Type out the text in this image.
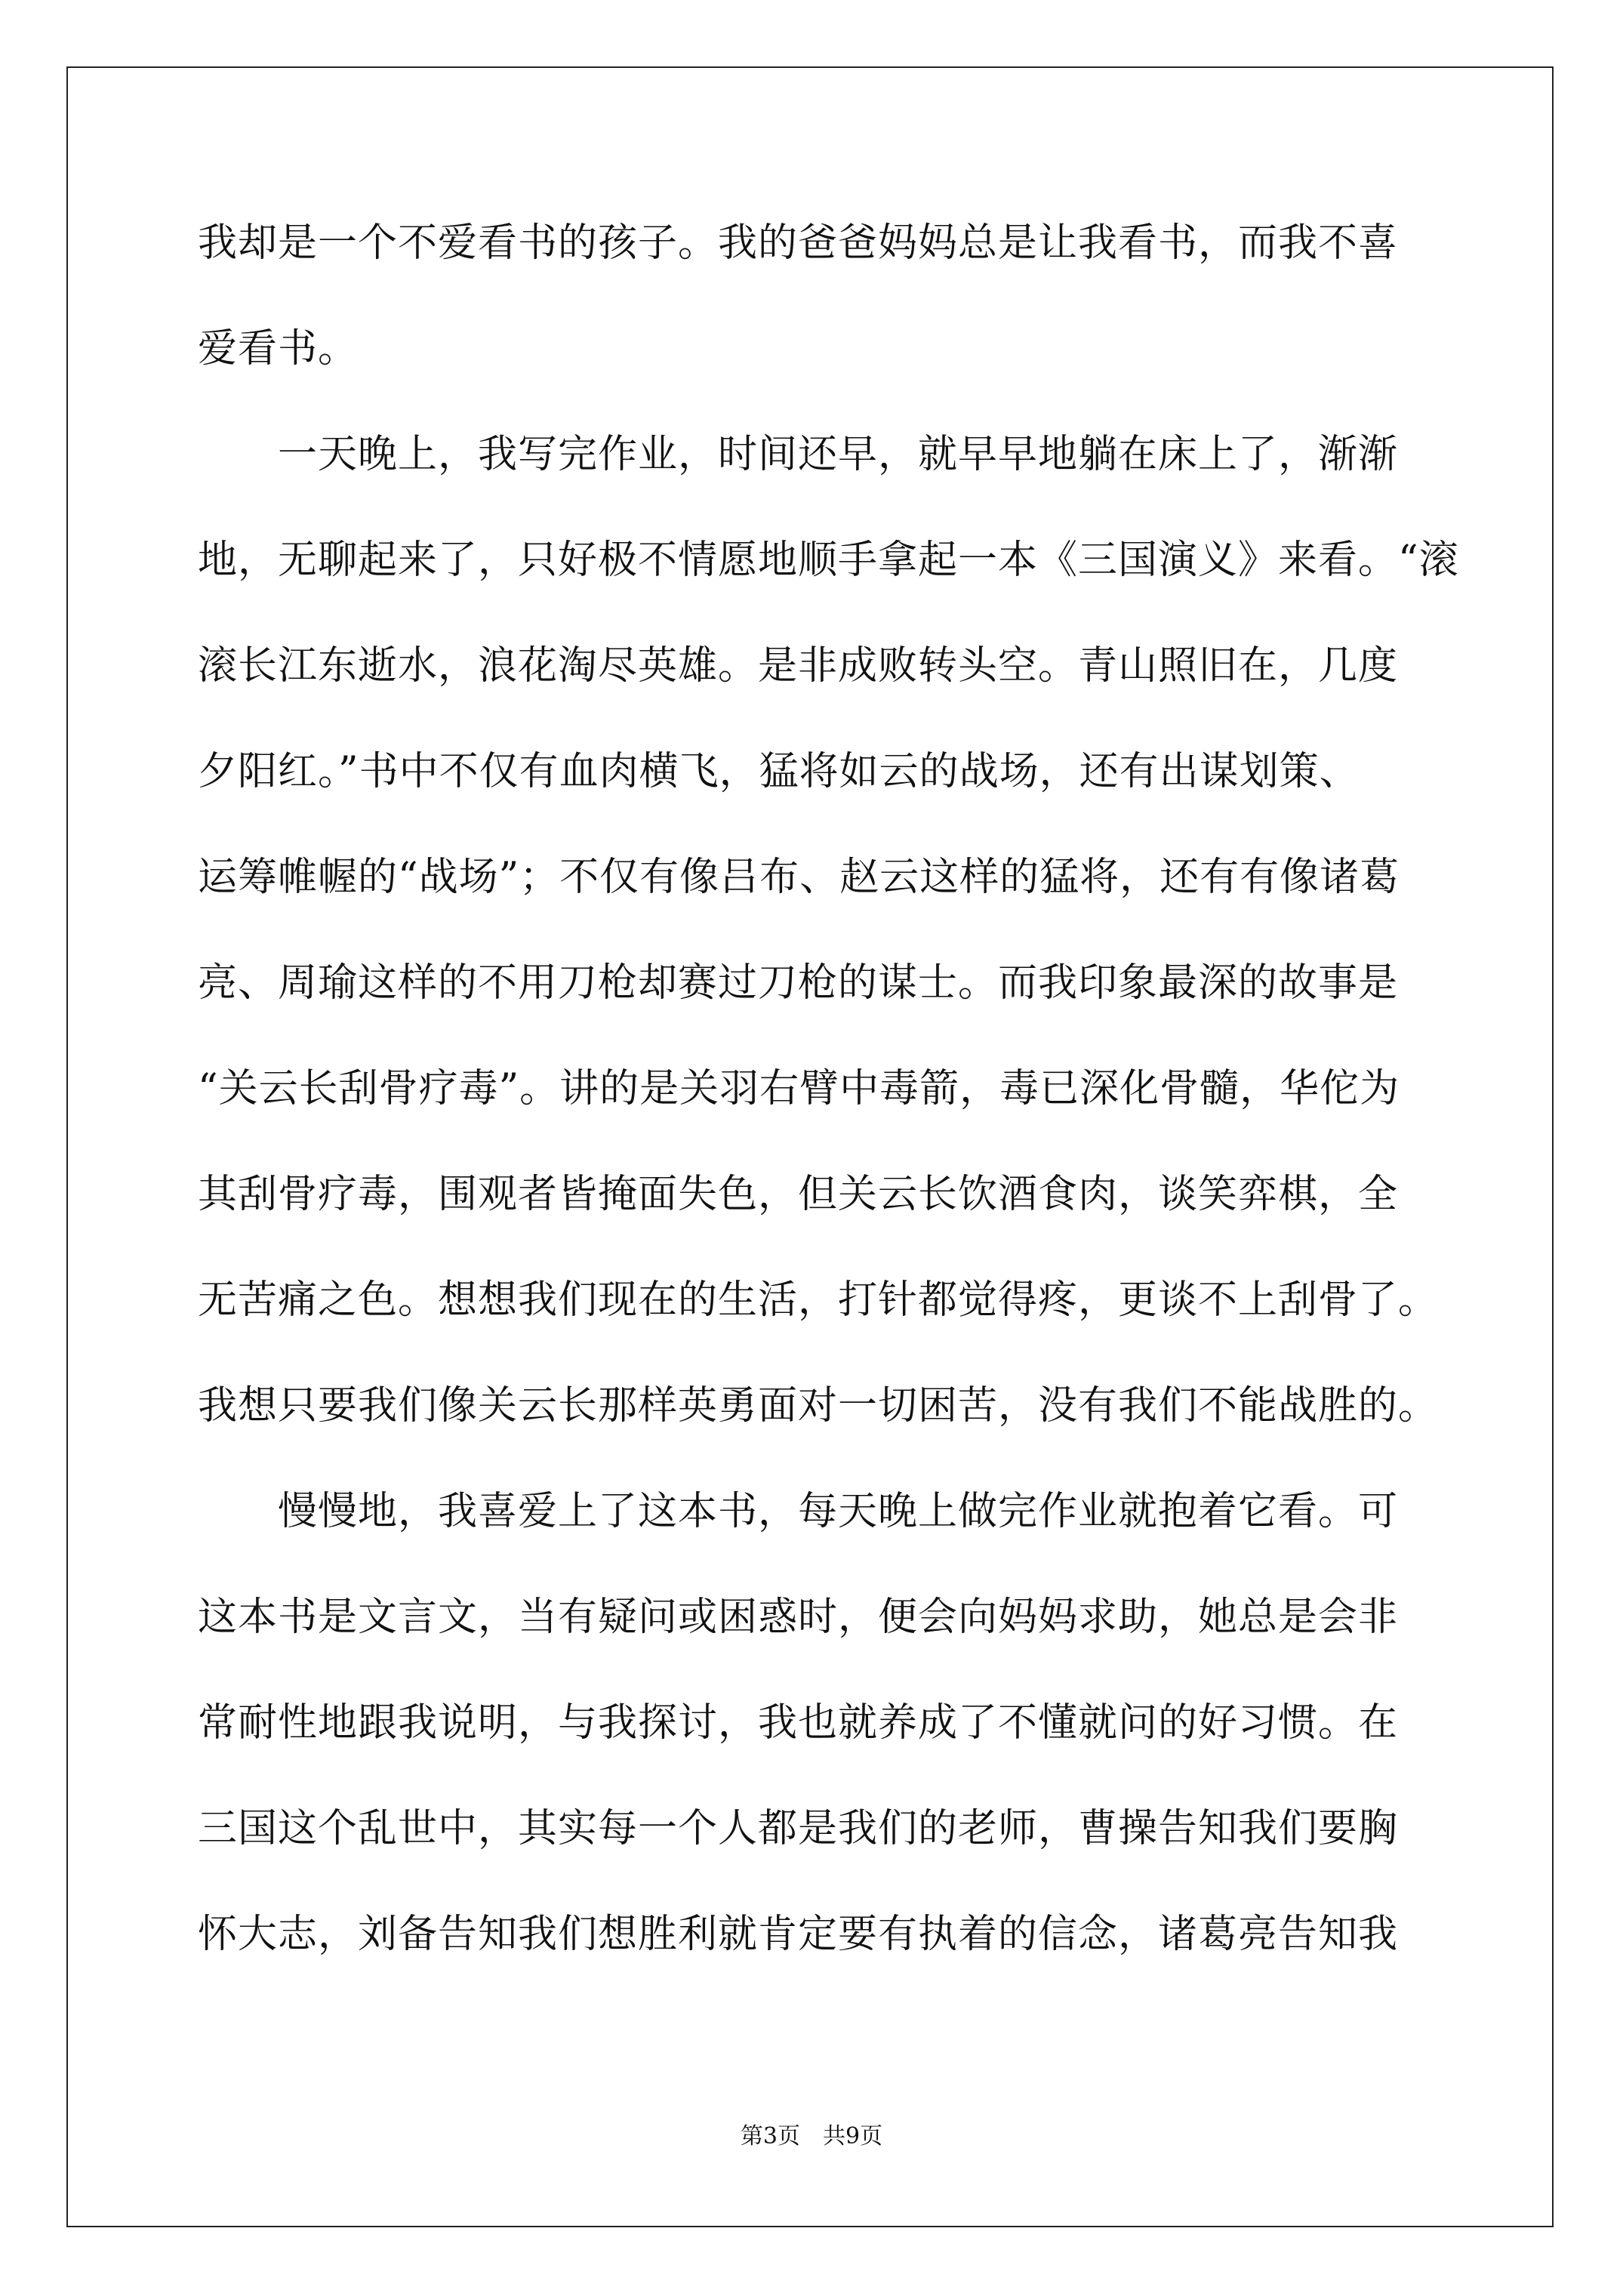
我却是一个不爱看书的孩子。我的爸爸妈妈总是让我看书，而我不喜
爱看书。
　　一天晚上，我写完作业，时间还早，就早早地躺在床上了，渐渐
地，无聊起来了，只好极不情愿地顺手拿起一本《三国演义》来看。“滚
滚长江东逝水，浪花淘尽英雄。是非成败转头空。青山照旧在，几度
夕阳红。”书中不仅有血肉横飞，猛将如云的战场，还有出谋划策、
运筹帷幄的“战场”；不仅有像吕布、赵云这样的猛将，还有有像诸葛
亮、周瑜这样的不用刀枪却赛过刀枪的谋士。而我印象最深的故事是
“关云长刮骨疗毒”。讲的是关羽右臂中毒箭，毒已深化骨髓，华佗为
其刮骨疗毒，围观者皆掩面失色，但关云长饮酒食肉，谈笑弈棋，全
无苦痛之色。想想我们现在的生活，打针都觉得疼，更谈不上刮骨了。
我想只要我们像关云长那样英勇面对一切困苦，没有我们不能战胜的。
　　慢慢地，我喜爱上了这本书，每天晚上做完作业就抱着它看。可
这本书是文言文，当有疑问或困惑时，便会向妈妈求助，她总是会非
常耐性地跟我说明，与我探讨，我也就养成了不懂就问的好习惯。在
三国这个乱世中，其实每一个人都是我们的老师，曹操告知我们要胸
怀大志，刘备告知我们想胜利就肯定要有执着的信念，诸葛亮告知我
第3页　共9页
